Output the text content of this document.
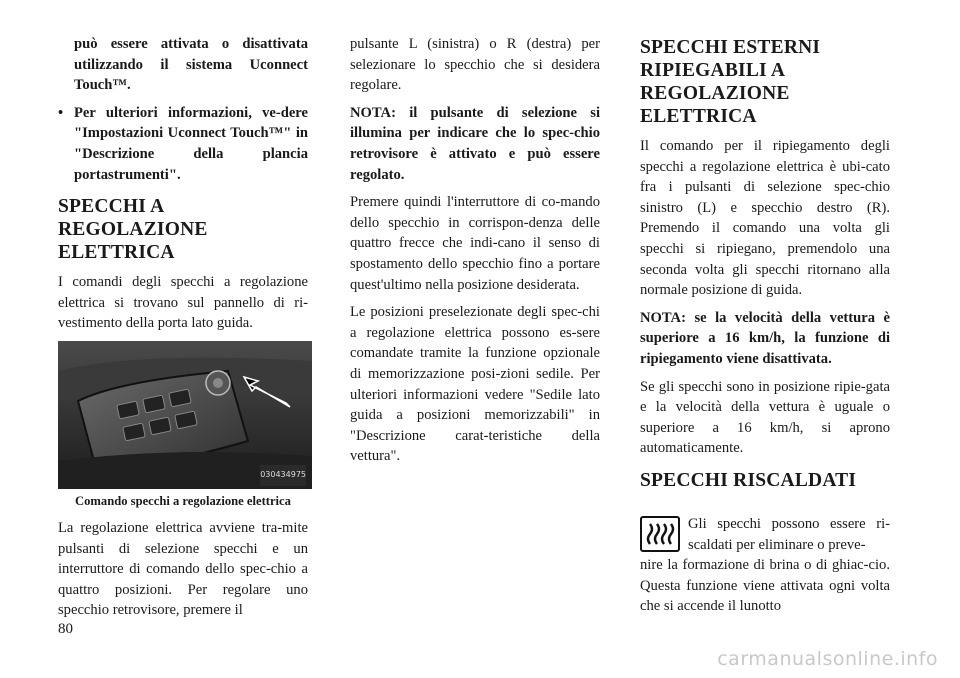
può essere attivata o disattivata utilizzando il sistema Uconnect Touch™.

• Per ulteriori informazioni, ve-dere "Impostazioni Uconnect Touch™" in "Descrizione della plancia portastrumenti".

SPECCHI A REGOLAZIONE ELETTRICA

I comandi degli specchi a regolazione elettrica si trovano sul pannello di ri-vestimento della porta lato guida.

030434975
Comando specchi a regolazione elettrica

La regolazione elettrica avviene tra-mite pulsanti di selezione specchi e un interruttore di comando dello spec-chio a quattro posizioni. Per regolare uno specchio retrovisore, premere il

pulsante L (sinistra) o R (destra) per selezionare lo specchio che si desidera regolare.

NOTA: il pulsante di selezione si illumina per indicare che lo spec-chio retrovisore è attivato e può essere regolato.

Premere quindi l'interruttore di co-mando dello specchio in corrispon-denza delle quattro frecce che indi-cano il senso di spostamento dello specchio fino a portare quest'ultimo nella posizione desiderata.

Le posizioni preselezionate degli spec-chi a regolazione elettrica possono es-sere comandate tramite la funzione opzionale di memorizzazione posi-zioni sedile. Per ulteriori informazioni vedere "Sedile lato guida a posizioni memorizzabili" in "Descrizione carat-teristiche della vettura".

SPECCHI ESTERNI RIPIEGABILI A REGOLAZIONE ELETTRICA

Il comando per il ripiegamento degli specchi a regolazione elettrica è ubi-cato fra i pulsanti di selezione spec-chio sinistro (L) e specchio destro (R). Premendo il comando una volta gli specchi si ripiegano, premendolo una seconda volta gli specchi ritornano alla normale posizione di guida.

NOTA: se la velocità della vettura è superiore a 16 km/h, la funzione di ripiegamento viene disattivata.

Se gli specchi sono in posizione ripie-gata e la velocità della vettura è uguale o superiore a 16 km/h, si aprono automaticamente.

SPECCHI RISCALDATI

Gli specchi possono essere ri-scaldati per eliminare o preve-

nire la formazione di brina o di ghiac-cio. Questa funzione viene attivata ogni volta che si accende il lunotto

80
carmanualsonline.info
